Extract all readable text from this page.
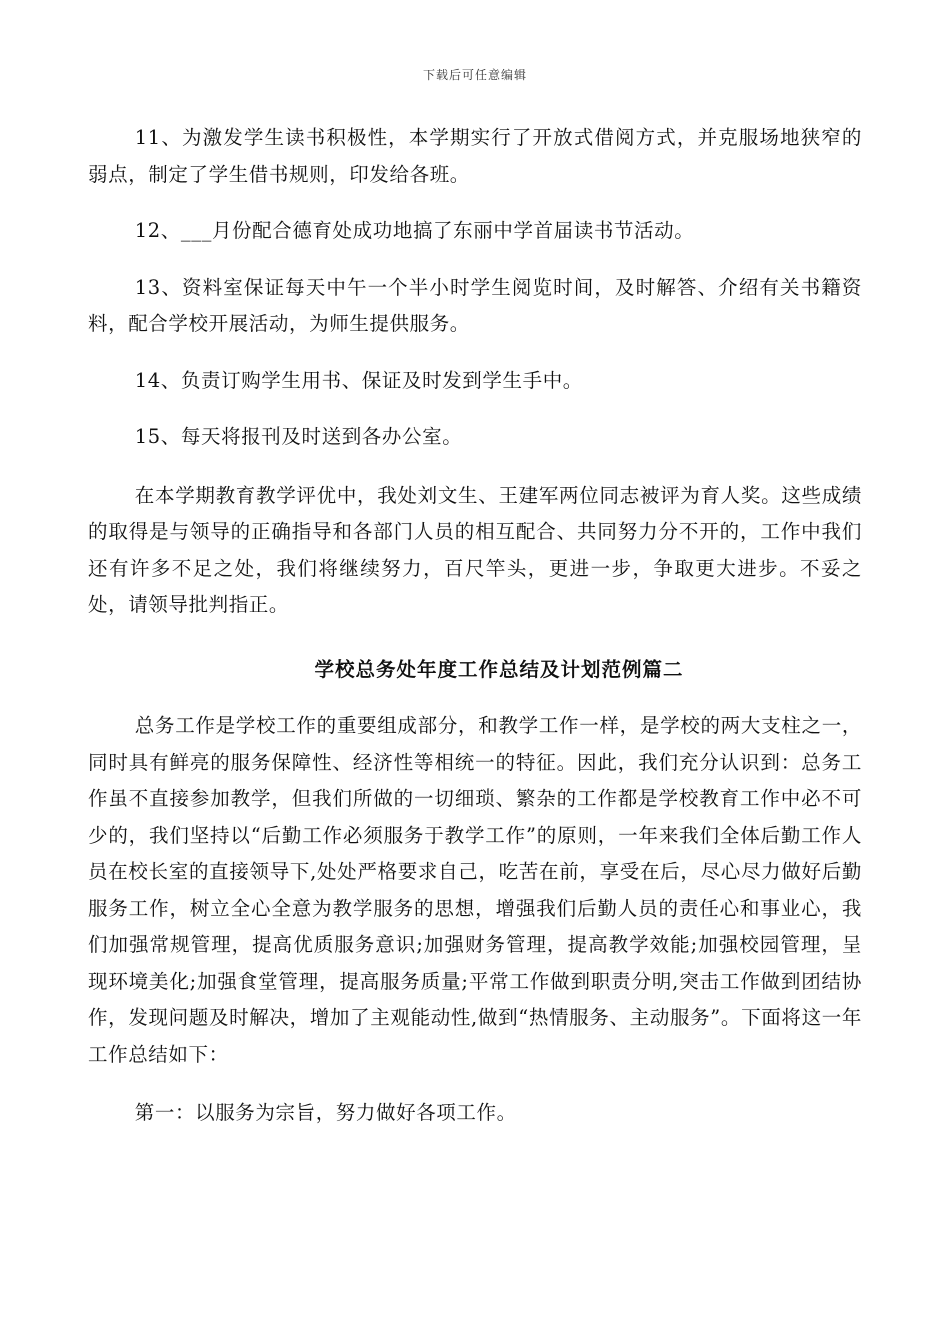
下载后可任意编辑

11、为激发学生读书积极性，本学期实行了开放式借阅方式，并克服场地狭窄的弱点，制定了学生借书规则，印发给各班。

12、___月份配合德育处成功地搞了东丽中学首届读书节活动。

13、资料室保证每天中午一个半小时学生阅览时间，及时解答、介绍有关书籍资料，配合学校开展活动，为师生提供服务。

14、负责订购学生用书、保证及时发到学生手中。

15、每天将报刊及时送到各办公室。

在本学期教育教学评优中，我处刘文生、王建军两位同志被评为育人奖。这些成绩的取得是与领导的正确指导和各部门人员的相互配合、共同努力分不开的，工作中我们还有许多不足之处，我们将继续努力，百尺竿头，更进一步，争取更大进步。不妥之处，请领导批判指正。

学校总务处年度工作总结及计划范例篇二

总务工作是学校工作的重要组成部分，和教学工作一样，是学校的两大支柱之一，同时具有鲜亮的服务保障性、经济性等相统一的特征。因此，我们充分认识到：总务工作虽不直接参加教学，但我们所做的一切细琐、繁杂的工作都是学校教育工作中必不可少的，我们坚持以“后勤工作必须服务于教学工作”的原则，一年来我们全体后勤工作人员在校长室的直接领导下,处处严格要求自己，吃苦在前，享受在后，尽心尽力做好后勤服务工作，树立全心全意为教学服务的思想，增强我们后勤人员的责任心和事业心，我们加强常规管理，提高优质服务意识;加强财务管理，提高教学效能;加强校园管理，呈现环境美化;加强食堂管理，提高服务质量;平常工作做到职责分明,突击工作做到团结协作，发现问题及时解决，增加了主观能动性,做到“热情服务、主动服务”。下面将这一年工作总结如下：

第一：以服务为宗旨，努力做好各项工作。
